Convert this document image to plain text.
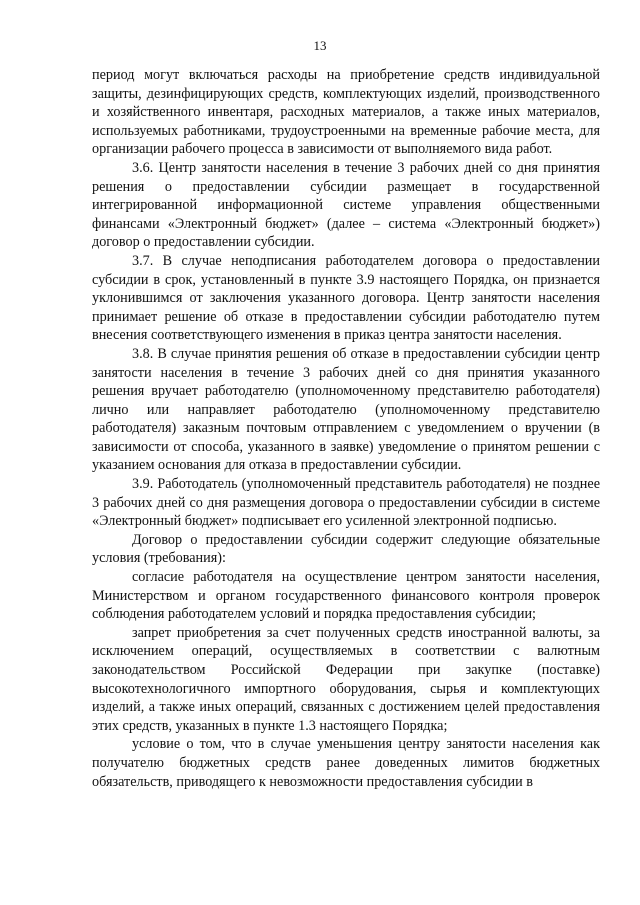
13

период могут включаться расходы на приобретение средств индивидуальной защиты, дезинфицирующих средств, комплектующих изделий, производственного и хозяйственного инвентаря, расходных материалов, а также иных материалов, используемых работниками, трудоустроенными на временные рабочие места, для организации рабочего процесса в зависимости от выполняемого вида работ.

3.6. Центр занятости населения в течение 3 рабочих дней со дня принятия решения о предоставлении субсидии размещает в государственной интегрированной информационной системе управления общественными финансами «Электронный бюджет» (далее – система «Электронный бюджет») договор о предоставлении субсидии.

3.7. В случае неподписания работодателем договора о предоставлении субсидии в срок, установленный в пункте 3.9 настоящего Порядка, он признается уклонившимся от заключения указанного договора. Центр занятости населения принимает решение об отказе в предоставлении субсидии работодателю путем внесения соответствующего изменения в приказ центра занятости населения.

3.8. В случае принятия решения об отказе в предоставлении субсидии центр занятости населения в течение 3 рабочих дней со дня принятия указанного решения вручает работодателю (уполномоченному представителю работодателя) лично или направляет работодателю (уполномоченному представителю работодателя) заказным почтовым отправлением с уведомлением о вручении (в зависимости от способа, указанного в заявке) уведомление о принятом решении с указанием основания для отказа в предоставлении субсидии.

3.9. Работодатель (уполномоченный представитель работодателя) не позднее 3 рабочих дней со дня размещения договора о предоставлении субсидии в системе «Электронный бюджет» подписывает его усиленной электронной подписью.

Договор о предоставлении субсидии содержит следующие обязательные условия (требования):

согласие работодателя на осуществление центром занятости населения, Министерством и органом государственного финансового контроля проверок соблюдения работодателем условий и порядка предоставления субсидии;

запрет приобретения за счет полученных средств иностранной валюты, за исключением операций, осуществляемых в соответствии с валютным законодательством Российской Федерации при закупке (поставке) высокотехнологичного импортного оборудования, сырья и комплектующих изделий, а также иных операций, связанных с достижением целей предоставления этих средств, указанных в пункте 1.3 настоящего Порядка;

условие о том, что в случае уменьшения центру занятости населения как получателю бюджетных средств ранее доведенных лимитов бюджетных обязательств, приводящего к невозможности предоставления субсидии в
